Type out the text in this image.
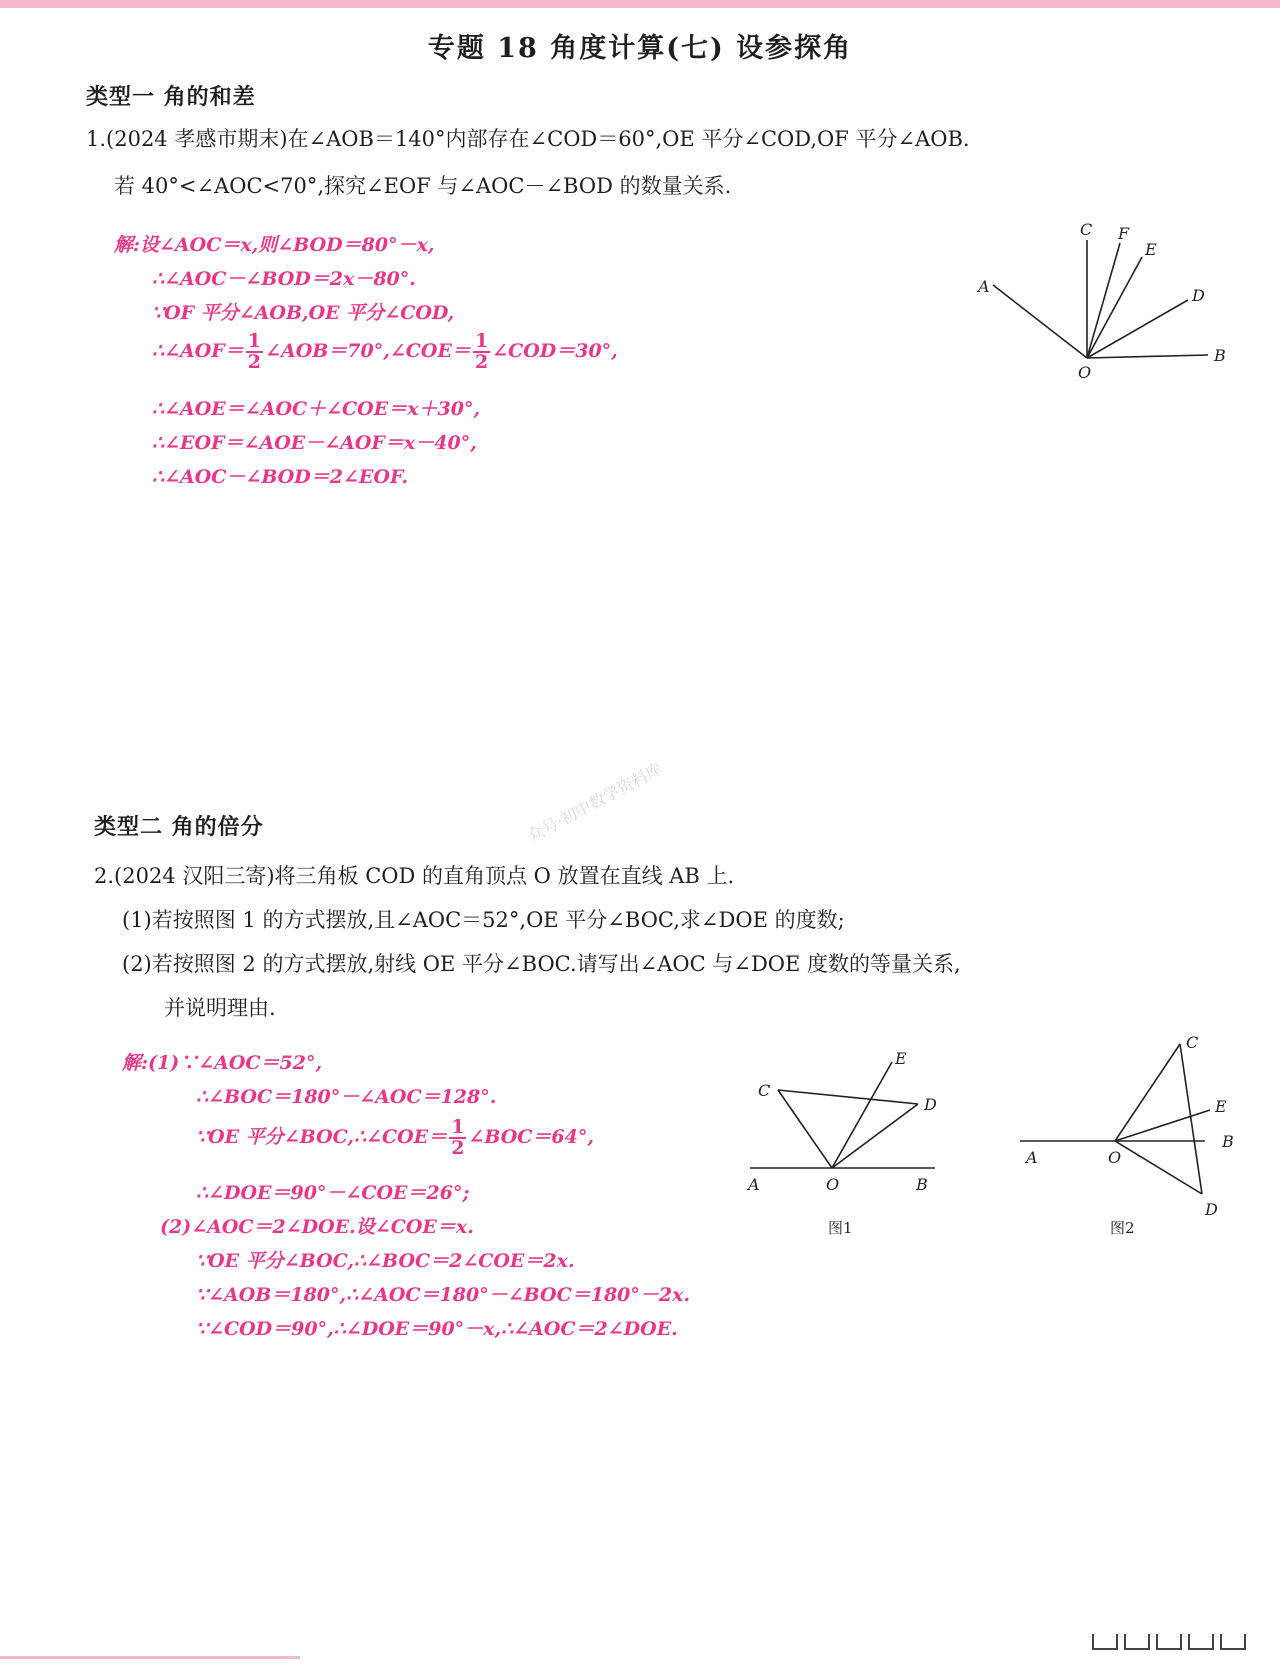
专题 18 角度计算(七) 设参探角
类型一 角的和差
1.(2024 孝感市期末)在∠AOB＝140°内部存在∠COD＝60°,OE 平分∠COD,OF 平分∠AOB.
若 40°<∠AOC<70°,探究∠EOF 与∠AOC－∠BOD 的数量关系.
解:设∠AOC＝x,则∠BOD＝80°－x,
∴∠AOC－∠BOD＝2x－80°.
∵OF 平分∠AOB,OE 平分∠COD,
∴∠AOF＝ $\frac{1}{2}$ ∠AOB＝70°,∠COE＝ $\frac{1}{2}$ ∠COD＝30°,
∴∠AOE＝∠AOC＋∠COE＝x＋30°,
∴∠EOF＝∠AOE－∠AOF＝x－40°,
∴∠AOC－∠BOD＝2∠EOF.
A
C F
E
D
B
O
类型二 角的倍分
2.(2024 汉阳三寄)将三角板 COD 的直角顶点 O 放置在直线 AB 上.
(1)若按照图 1 的方式摆放,且∠AOC＝52°,OE 平分∠BOC,求∠DOE 的度数;
(2)若按照图 2 的方式摆放,射线 OE 平分∠BOC.请写出∠AOC 与∠DOE 度数的等量关系,
并说明理由.
解:(1)∵∠AOC＝52°,
∴∠BOC＝180°－∠AOC＝128°.
∵OE 平分∠BOC,∴∠COE＝ $\frac{1}{2}$ ∠BOC＝64°,
∴∠DOE＝90°－∠COE＝26°;
(2)∠AOC＝2∠DOE.设∠COE＝x.
∵OE 平分∠BOC,∴∠BOC＝2∠COE＝2x.
∵∠AOB＝180°,∴∠AOC＝180°－∠BOC＝180°－2x.
∵∠COD＝90°,∴∠DOE＝90°－x,∴∠AOC＝2∠DOE.
C
E
D
A	O	B
图1
C
E
B
A	O
D
图2
众号·初中数学资料库
